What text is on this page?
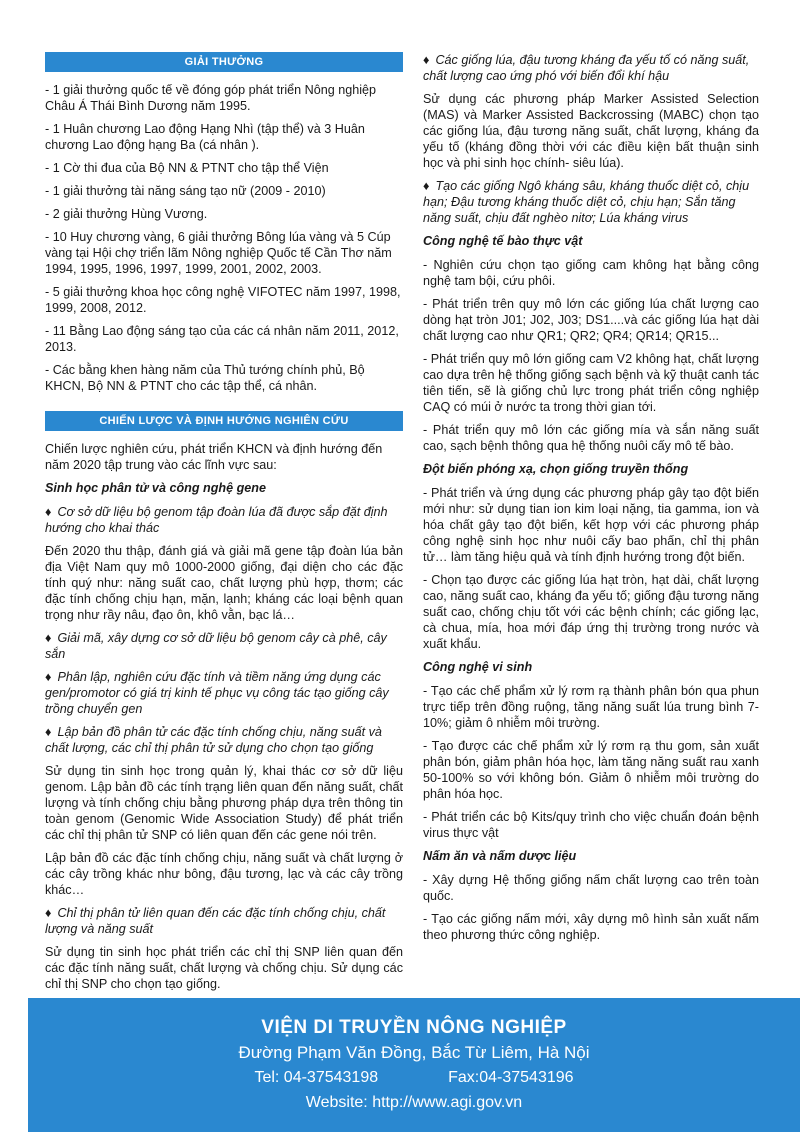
GIẢI THƯỞNG

- 1 giải thưởng quốc tế về đóng góp phát triển Nông nghiệp Châu Á Thái Bình Dương năm 1995.

- 1 Huân chương Lao động Hạng Nhì (tập thể) và 3 Huân chương Lao động hạng Ba (cá nhân ).

- 1 Cờ thi đua của Bộ NN & PTNT cho tập thể Viện

- 1 giải thưởng tài năng sáng tạo nữ (2009 - 2010)

- 2 giải thưởng Hùng Vương.

- 10 Huy chương vàng, 6 giải thưởng Bông lúa vàng và 5 Cúp vàng tại Hội chợ triển lãm Nông nghiệp Quốc tế Cần Thơ năm 1994, 1995, 1996, 1997, 1999, 2001, 2002, 2003.

- 5 giải thưởng khoa học công nghệ VIFOTEC năm 1997, 1998, 1999, 2008, 2012.

- 11 Bằng Lao động sáng tạo của các cá nhân năm 2011, 2012, 2013.

- Các bằng khen hàng năm của Thủ tướng chính phủ, Bộ KHCN, Bộ NN & PTNT cho các tập thể, cá nhân.

CHIẾN LƯỢC VÀ ĐỊNH HƯỚNG NGHIÊN CỨU

Chiến lược nghiên cứu, phát triển KHCN và định hướng đến năm 2020 tập trung vào các lĩnh vực sau:

Sinh học phân tử và công nghệ gene

♦ Cơ sở dữ liệu bộ genom tập đoàn lúa đã được sắp đặt định hướng cho khai thác

Đến 2020 thu thập, đánh giá và giải mã gene tập đoàn lúa bản địa Việt Nam quy mô 1000-2000 giống, đại diện cho các đặc tính quý như: năng suất cao, chất lượng phù hợp, thơm; các đặc tính chống chịu hạn, mặn, lạnh; kháng các loại bệnh quan trọng như rầy nâu, đạo ôn, khô vằn, bạc lá…

♦ Giải mã, xây dựng cơ sở dữ liệu bộ genom cây cà phê, cây sắn

♦ Phân lập, nghiên cứu đặc tính và tiềm năng ứng dụng các gen/promotor có giá trị kinh tế phục vụ công tác tạo giống cây trồng chuyển gen

♦ Lập bản đồ phân tử các đặc tính chống chịu, năng suất và chất lượng, các chỉ thị phân tử sử dụng cho chọn tạo giống

Sử dụng tin sinh học trong quản lý, khai thác cơ sở dữ liệu genom. Lập bản đồ các tính trạng liên quan đến năng suất, chất lượng và tính chống chịu bằng phương pháp dựa trên thông tin toàn genom (Genomic Wide Association Study) để phát triển các chỉ thị phân tử SNP có liên quan đến các gene nói trên.

Lập bản đồ các đặc tính chống chịu, năng suất và chất lượng ở các cây trồng khác như bông, đậu tương, lạc và các cây trồng khác…

♦ Chỉ thị phân tử liên quan đến các đặc tính chống chịu, chất lượng và năng suất

Sử dụng tin sinh học phát triển các chỉ thị SNP liên quan đến các đặc tính năng suất, chất lượng và chống chịu. Sử dụng các chỉ thị SNP cho chọn tạo giống.

♦ Các giống lúa, đậu tương kháng đa yếu tố có năng suất, chất lượng cao ứng phó với biến đổi khí hậu

Sử dụng các phương pháp Marker Assisted Selection (MAS) và Marker Assisted Backcrossing (MABC) chọn tạo các giống lúa, đậu tương năng suất, chất lượng, kháng đa yếu tố (kháng đồng thời với các điều kiện bất thuận sinh học và phi sinh học chính- siêu lúa).

♦ Tạo các giống Ngô kháng sâu, kháng thuốc diệt cỏ, chịu hạn; Đậu tương kháng thuốc diệt cỏ, chịu hạn; Sắn tăng năng suất, chịu đất nghèo nitơ; Lúa kháng virus

Công nghệ tế bào thực vật

- Nghiên cứu chọn tạo giống cam không hạt bằng công nghệ tam bội, cứu phôi.

- Phát triển trên quy mô lớn các giống lúa chất lượng cao dòng hạt tròn J01; J02, J03; DS1....và các giống lúa hạt dài chất lượng cao như QR1; QR2; QR4; QR14; QR15...

- Phát triển quy mô lớn giống cam V2 không hạt, chất lượng cao dựa trên hệ thống giống sạch bệnh và kỹ thuật canh tác tiên tiến, sẽ là giống chủ lực trong phát triển công nghiệp CAQ có múi ở nước ta trong thời gian tới.

- Phát triển quy mô lớn các giống mía và sắn năng suất cao, sạch bệnh thông qua hệ thống nuôi cấy mô tế bào.

Đột biến phóng xạ, chọn giống truyền thống

- Phát triển và ứng dụng các phương pháp gây tạo đột biến mới như: sử dụng tian ion kim loại nặng, tia gamma, ion và hóa chất gây tạo đột biến, kết hợp với các phương pháp công nghệ sinh học như nuôi cấy bao phấn, chỉ thị phân tử… làm tăng hiệu quả và tính định hướng trong đột biến.

- Chọn tạo được các giống lúa hạt tròn, hạt dài, chất lượng cao, năng suất cao, kháng đa yếu tố; giống đậu tương năng suất cao, chống chịu tốt với các bệnh chính; các giống lạc, cà chua, mía, hoa mới đáp ứng thị trường trong nước và xuất khẩu.

Công nghệ vi sinh

- Tạo các chế phẩm xử lý rơm rạ thành phân bón qua phun trực tiếp trên đồng ruộng, tăng năng suất lúa trung bình 7-10%; giảm ô nhiễm môi trường.

- Tạo được các chế phẩm xử lý rơm rạ thu gom, sản xuất phân bón, giảm phân hóa học, làm tăng năng suất rau xanh 50-100% so với không bón. Giảm ô nhiễm môi trường do phân hóa học.

- Phát triển các bộ Kits/quy trình cho việc chuẩn đoán bệnh virus thực vật

Nấm ăn và nấm dược liệu

- Xây dựng Hệ thống giống nấm chất lượng cao trên toàn quốc.

- Tạo các giống nấm mới, xây dựng mô hình sản xuất nấm theo phương thức công nghiệp.

VIỆN DI TRUYỀN NÔNG NGHIỆP
Đường Phạm Văn Đồng, Bắc Từ Liêm, Hà Nội
Tel: 04-37543198	Fax:04-37543196
Website: http://www.agi.gov.vn
